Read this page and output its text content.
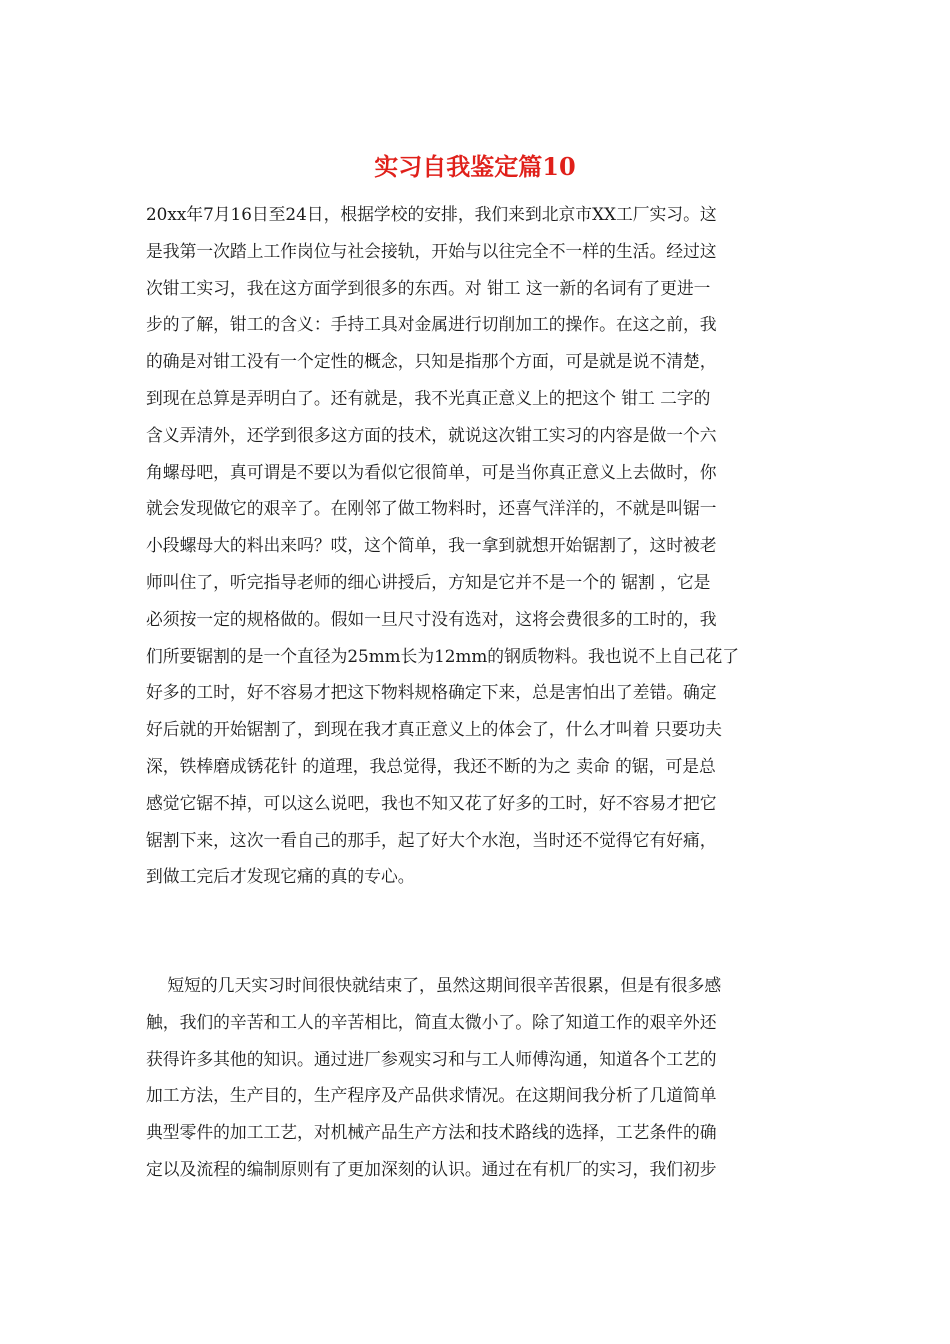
实习自我鉴定篇10
20xx年7月16日至24日，根据学校的安排，我们来到北京市XX工厂实习。这
是我第一次踏上工作岗位与社会接轨，开始与以往完全不一样的生活。经过这
次钳工实习，我在这方面学到很多的东西。对 钳工 这一新的名词有了更进一
步的了解，钳工的含义：手持工具对金属进行切削加工的操作。在这之前，我
的确是对钳工没有一个定性的概念，只知是指那个方面，可是就是说不清楚，
到现在总算是弄明白了。还有就是，我不光真正意义上的把这个 钳工 二字的
含义弄清外，还学到很多这方面的技术，就说这次钳工实习的内容是做一个六
角螺母吧，真可谓是不要以为看似它很简单，可是当你真正意义上去做时，你
就会发现做它的艰辛了。在刚邻了做工物料时，还喜气洋洋的，不就是叫锯一
小段螺母大的料出来吗？哎，这个简单，我一拿到就想开始锯割了，这时被老
师叫住了，听完指导老师的细心讲授后，方知是它并不是一个的 锯割 ，它是
必须按一定的规格做的。假如一旦尺寸没有选对，这将会费很多的工时的，我
们所要锯割的是一个直径为25mm长为12mm的钢质物料。我也说不上自己花了
好多的工时，好不容易才把这下物料规格确定下来，总是害怕出了差错。确定
好后就的开始锯割了，到现在我才真正意义上的体会了，什么才叫着 只要功夫
深，铁棒磨成锈花针 的道理，我总觉得，我还不断的为之 卖命 的锯，可是总
感觉它锯不掉，可以这么说吧，我也不知又花了好多的工时，好不容易才把它
锯割下来，这次一看自己的那手，起了好大个水泡，当时还不觉得它有好痛，
到做工完后才发现它痛的真的专心。
短短的几天实习时间很快就结束了，虽然这期间很辛苦很累，但是有很多感
触，我们的辛苦和工人的辛苦相比，简直太微小了。除了知道工作的艰辛外还
获得许多其他的知识。通过进厂参观实习和与工人师傅沟通，知道各个工艺的
加工方法，生产目的，生产程序及产品供求情况。在这期间我分析了几道简单
典型零件的加工工艺，对机械产品生产方法和技术路线的选择，工艺条件的确
定以及流程的编制原则有了更加深刻的认识。通过在有机厂的实习，我们初步
